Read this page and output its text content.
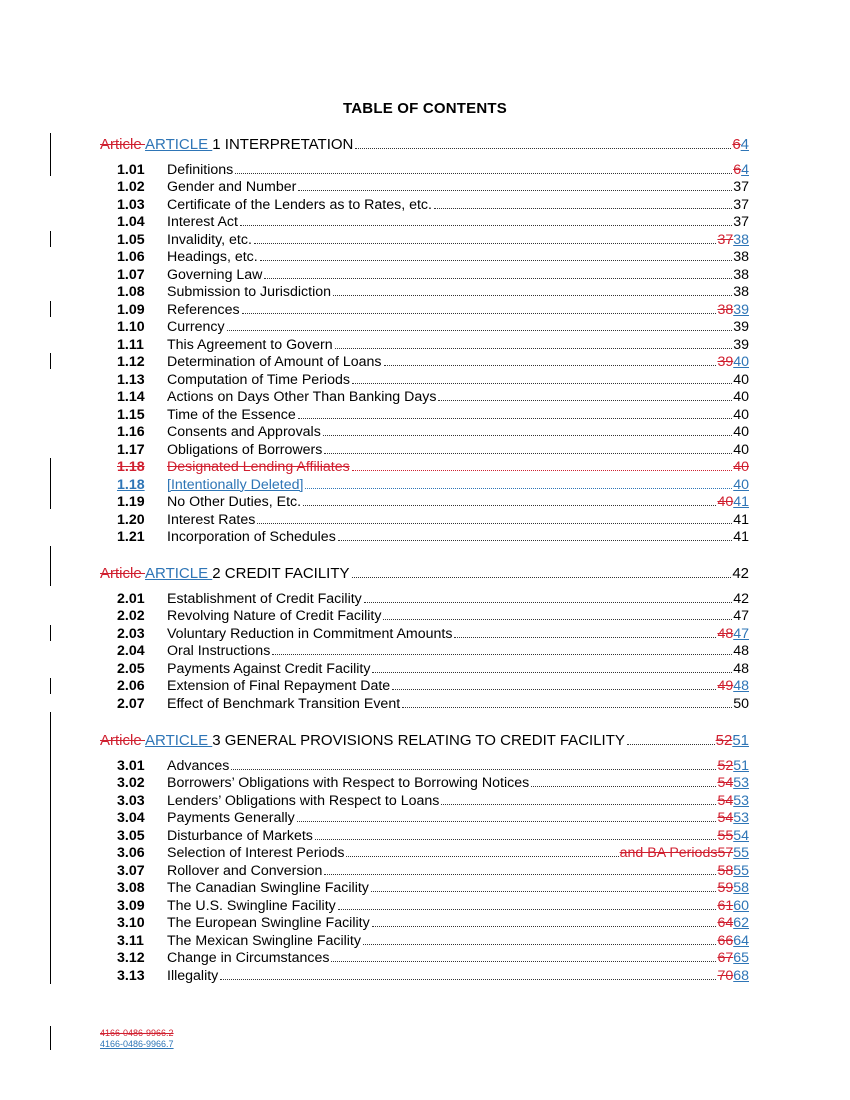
TABLE OF CONTENTS
Article ARTICLE 1 INTERPRETATION	64
1.01	Definitions	64
1.02	Gender and Number	37
1.03	Certificate of the Lenders as to Rates, etc.	37
1.04	Interest Act	37
1.05	Invalidity, etc.	3738
1.06	Headings, etc.	38
1.07	Governing Law	38
1.08	Submission to Jurisdiction	38
1.09	References	3839
1.10	Currency	39
1.11	This Agreement to Govern	39
1.12	Determination of Amount of Loans	3940
1.13	Computation of Time Periods	40
1.14	Actions on Days Other Than Banking Days	40
1.15	Time of the Essence	40
1.16	Consents and Approvals	40
1.17	Obligations of Borrowers	40
1.18	Designated Lending Affiliates	40
1.18	[Intentionally Deleted]	40
1.19	No Other Duties, Etc.	4041
1.20	Interest Rates	41
1.21	Incorporation of Schedules	41
Article ARTICLE 2 CREDIT FACILITY	42
2.01	Establishment of Credit Facility	42
2.02	Revolving Nature of Credit Facility	47
2.03	Voluntary Reduction in Commitment Amounts	4847
2.04	Oral Instructions	48
2.05	Payments Against Credit Facility	48
2.06	Extension of Final Repayment Date	4948
2.07	Effect of Benchmark Transition Event	50
Article ARTICLE 3 GENERAL PROVISIONS RELATING TO CREDIT FACILITY	5251
3.01	Advances	5251
3.02	Borrowers’ Obligations with Respect to Borrowing Notices	5453
3.03	Lenders’ Obligations with Respect to Loans	5453
3.04	Payments Generally	5453
3.05	Disturbance of Markets	5554
3.06	Selection of Interest Periods	and BA Periods 5755
3.07	Rollover and Conversion	5855
3.08	The Canadian Swingline Facility	5958
3.09	The U.S. Swingline Facility	6160
3.10	The European Swingline Facility	6462
3.11	The Mexican Swingline Facility	6664
3.12	Change in Circumstances	6765
3.13	Illegality	7068
4166-0486-9966.2
4166-0486-9966.7
